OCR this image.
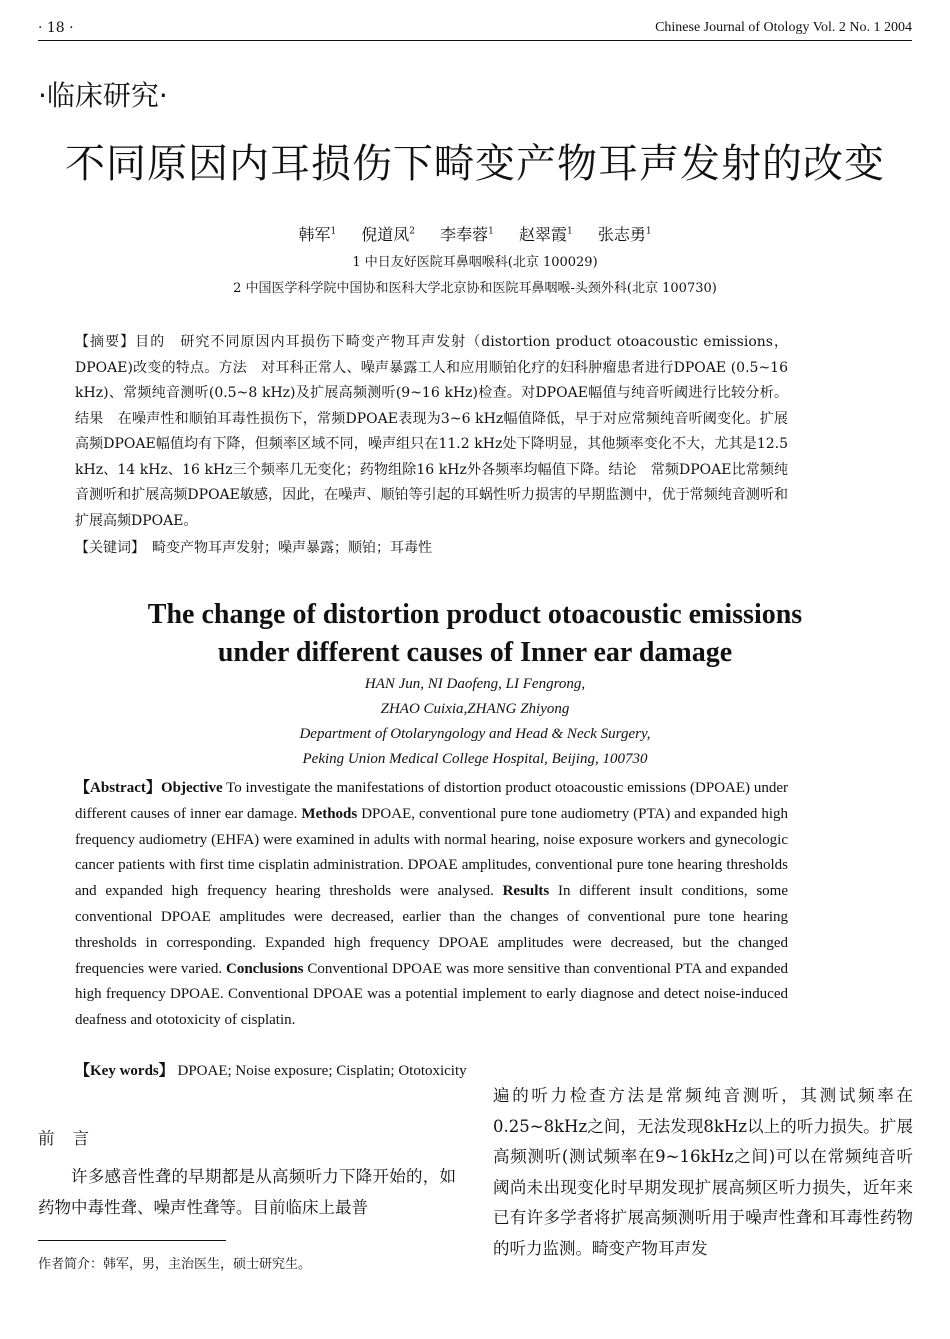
· 18 ·	Chinese Journal of Otology Vol. 2 No. 1 2004
·临床研究·
不同原因内耳损伤下畸变产物耳声发射的改变
韩军$^1$ 倪道凤$^2$ 李奉蓉$^1$ 赵翠霞$^1$ 张志勇$^1$
1 中日友好医院耳鼻咽喉科(北京 100029)
2 中国医学科学院中国协和医科大学北京协和医院耳鼻咽喉-头颈外科(北京 100730)
【摘要】目的　研究不同原因内耳损伤下畸变产物耳声发射（distortion product otoacoustic emissions，DPOAE)改变的特点。方法　对耳科正常人、噪声暴露工人和应用顺铂化疗的妇科肿瘤患者进行DPOAE (0.5~16 kHz)、常频纯音测听(0.5~8 kHz)及扩展高频测听(9~16 kHz)检查。对DPOAE幅值与纯音听阈进行比较分析。结果　在噪声性和顺铂耳毒性损伤下，常频DPOAE表现为3~6 kHz幅值降低，早于对应常频纯音听阈变化。扩展高频DPOAE幅值均有下降，但频率区域不同，噪声组只在11.2 kHz处下降明显，其他频率变化不大，尤其是12.5 kHz、14 kHz、16 kHz三个频率几无变化；药物组除16 kHz外各频率均幅值下降。结论　常频DPOAE比常频纯音测听和扩展高频DPOAE敏感，因此，在噪声、顺铂等引起的耳蜗性听力损害的早期监测中，优于常频纯音测听和扩展高频DPOAE。
【关键词】　畸变产物耳声发射；噪声暴露；顺铂；耳毒性
The change of distortion product otoacoustic emissions
under different causes of Inner ear damage
HAN Jun, NI Daofeng, LI Fengrong,
ZHAO Cuixia,ZHANG Zhiyong
Department of Otolaryngology and Head & Neck Surgery,
Peking Union Medical College Hospital, Beijing, 100730
【Abstract】Objective To investigate the manifestations of distortion product otoacoustic emissions (DPOAE) under different causes of inner ear damage. Methods DPOAE, conventional pure tone audiometry (PTA) and expanded high frequency audiometry (EHFA) were examined in adults with normal hearing, noise exposure workers and gynecologic cancer patients with first time cisplatin administration. DPOAE amplitudes, conventional pure tone hearing thresholds and expanded high frequency hearing thresholds were analysed. Results In different insult conditions, some conventional DPOAE amplitudes were decreased, earlier than the changes of conventional pure tone hearing thresholds in corresponding. Expanded high frequency DPOAE amplitudes were decreased, but the changed frequencies were varied. Conclusions Conventional DPOAE was more sensitive than conventional PTA and expanded high frequency DPOAE. Conventional DPOAE was a potential implement to early diagnose and detect noise-induced deafness and ototoxicity of cisplatin.
【Key words】 DPOAE; Noise exposure; Cisplatin; Ototoxicity
前言
许多感音性聋的早期都是从高频听力下降开始的，如药物中毒性聋、噪声性聋等。目前临床上最普
作者简介：韩军，男，主治医生，硕士研究生。
遍的听力检查方法是常频纯音测听，其测试频率在0.25~8kHz之间，无法发现8kHz以上的听力损失。扩展高频测听(测试频率在9~16kHz之间)可以在常频纯音听阈尚未出现变化时早期发现扩展高频区听力损失，近年来已有许多学者将扩展高频测听用于噪声性聋和耳毒性药物的听力监测。畸变产物耳声发
